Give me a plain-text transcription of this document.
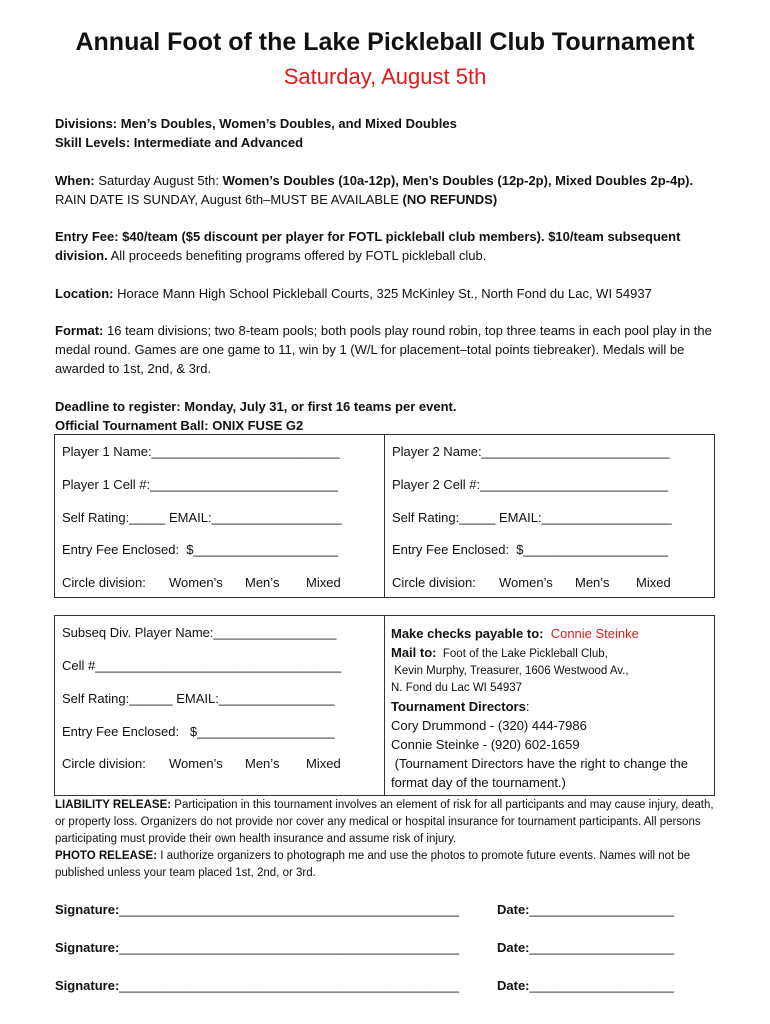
Annual Foot of the Lake Pickleball Club Tournament
Saturday, August 5th
Divisions: Men’s Doubles, Women’s Doubles, and Mixed Doubles
Skill Levels: Intermediate and Advanced
When: Saturday August 5th: Women’s Doubles (10a-12p), Men’s Doubles (12p-2p), Mixed Doubles 2p-4p). RAIN DATE IS SUNDAY, August 6th–MUST BE AVAILABLE (NO REFUNDS)
Entry Fee: $40/team ($5 discount per player for FOTL pickleball club members). $10/team subsequent division. All proceeds benefiting programs offered by FOTL pickleball club.
Location: Horace Mann High School Pickleball Courts, 325 McKinley St., North Fond du Lac, WI 54937
Format: 16 team divisions; two 8-team pools; both pools play round robin, top three teams in each pool play in the medal round. Games are one game to 11, win by 1 (W/L for placement–total points tiebreaker). Medals will be awarded to 1st, 2nd, & 3rd.
Deadline to register: Monday, July 31, or first 16 teams per event.
Official Tournament Ball: ONIX FUSE G2
Player 1 Name:__________________________
Player 1 Cell #:__________________________
Self Rating:_____ EMAIL:__________________
Entry Fee Enclosed:  $____________________

Circle division:

Women’s

Men’s

Mixed

Player 2 Name:__________________________
Player 2 Cell #:__________________________
Self Rating:_____ EMAIL:__________________
Entry Fee Enclosed:  $____________________

Circle division:

Women’s

Men’s

Mixed

Subseq Div. Player Name:_________________
Cell #__________________________________
Self Rating:______ EMAIL:________________
Entry Fee Enclosed:   $___________________

Circle division:

Women’s

Men’s

Mixed

Make checks payable to: Connie Steinke
Mail to: Foot of the Lake Pickleball Club,
Kevin Murphy, Treasurer, 1606 Westwood Av.,
N. Fond du Lac WI 54937
Tournament Directors:
Cory Drummond - (320) 444-7986
Connie Steinke - (920) 602-1659
(Tournament Directors have the right to change the format day of the tournament.)
LIABILITY RELEASE: Participation in this tournament involves an element of risk for all participants and may cause injury, death, or property loss. Organizers do not provide nor cover any medical or hospital insurance for tournament participants. All persons participating must provide their own health insurance and assume risk of injury.
PHOTO RELEASE: I authorize organizers to photograph me and use the photos to promote future events. Names will not be published unless your team placed 1st, 2nd, or 3rd.
Signature:_______________________________________________	Date:____________________
Signature:_______________________________________________	Date:____________________
Signature:_______________________________________________	Date:____________________
